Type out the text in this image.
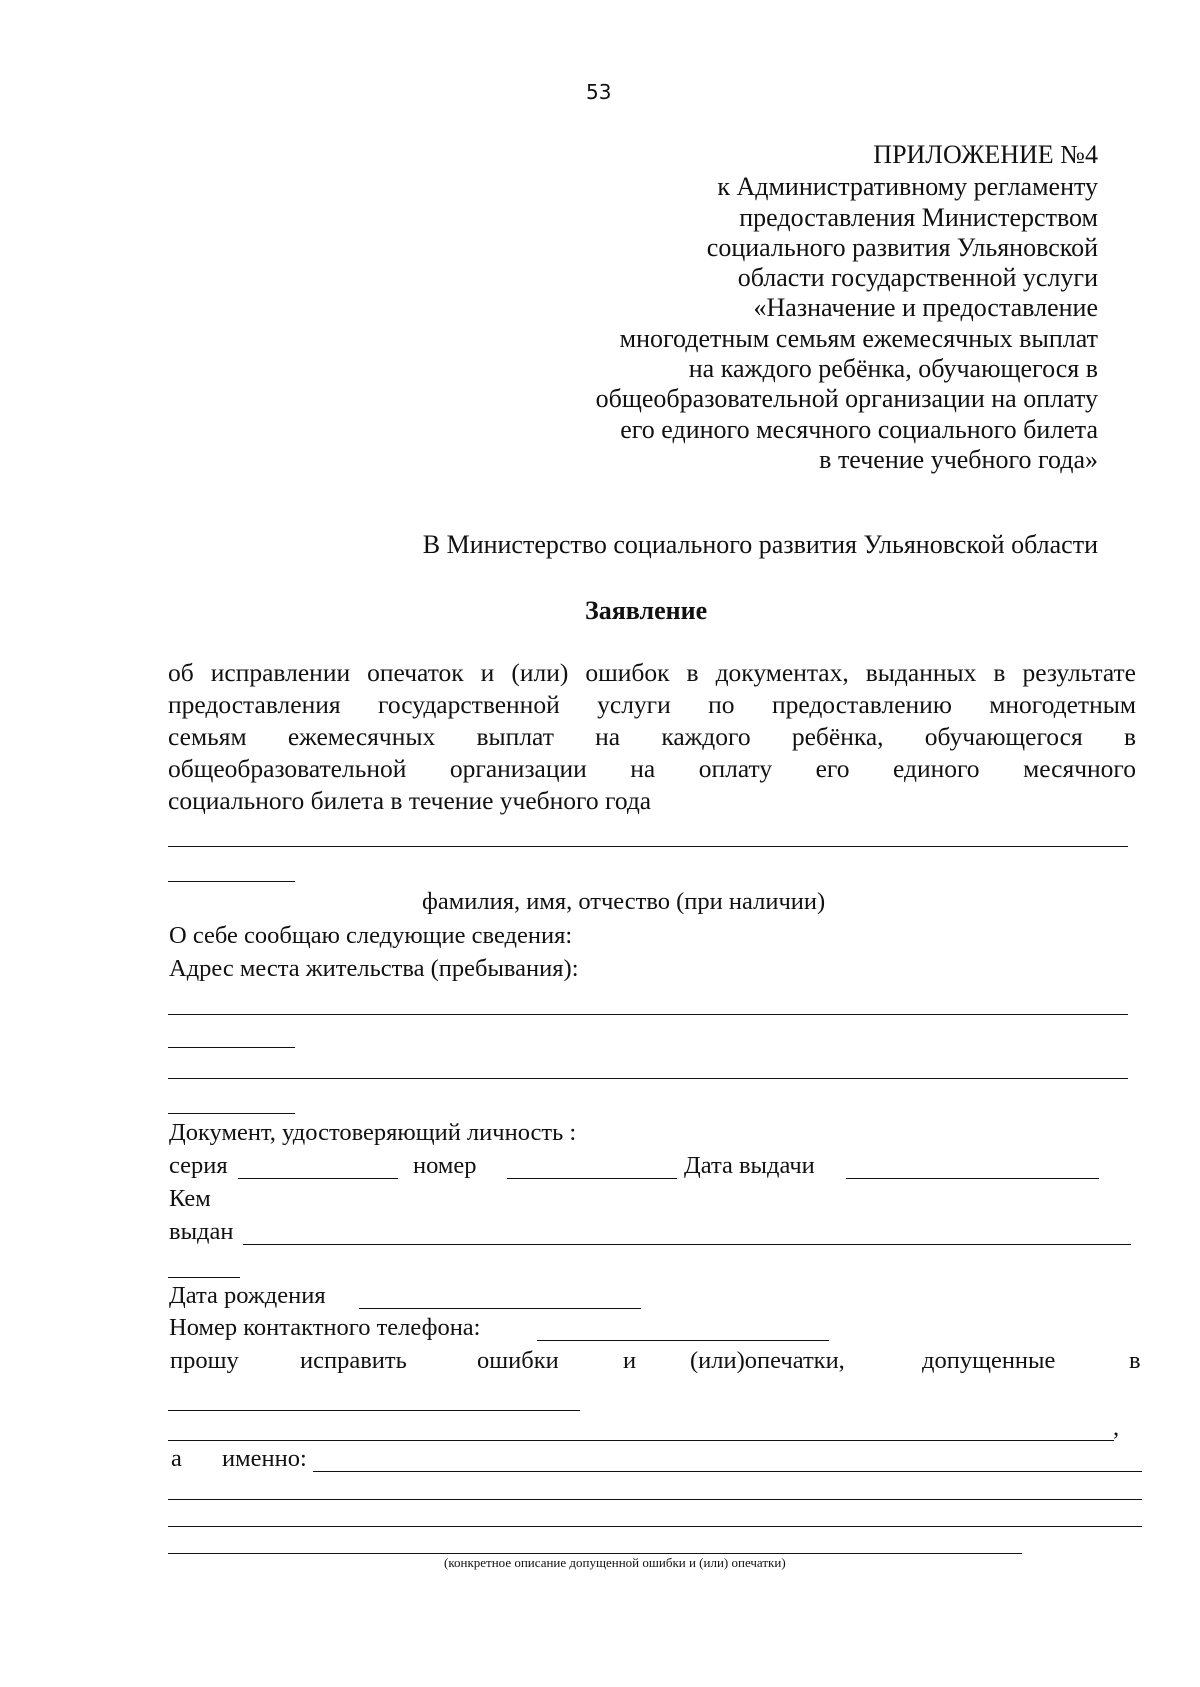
53
ПРИЛОЖЕНИЕ №4
к Административному регламенту
предоставления Министерством
социального развития Ульяновской
области государственной услуги
«Назначение и предоставление
многодетным семьям ежемесячных выплат
на каждого ребёнка, обучающегося в
общеобразовательной организации на оплату
его единого месячного социального билета
в течение учебного года»
В Министерство социального развития Ульяновской области
Заявление
об исправлении опечаток и (или) ошибок в документах, выданных в результате
предоставления государственной услуги по предоставлению многодетным
семьям ежемесячных выплат на каждого ребёнка, обучающегося в
общеобразовательной организации на оплату его единого месячного
социального билета в течение учебного года
фамилия, имя, отчество (при наличии)
О себе сообщаю следующие сведения:
Адрес места жительства (пребывания):
Документ, удостоверяющий личность :
серия	номер	Дата выдачи
Кем
выдан
Дата рождения
Номер контактного телефона:
прошу	исправить	ошибки	и (или)опечатки,	допущенные	в
,
а именно:
(конкретное описание допущенной ошибки и (или) опечатки)
